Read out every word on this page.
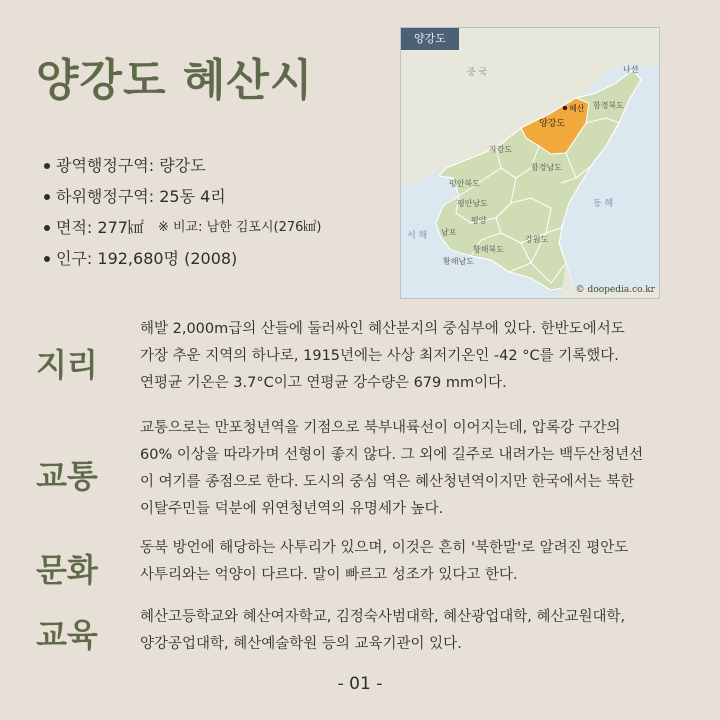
양강도 혜산시
광역행정구역: 량강도
하위행정구역: 25동 4리
면적: 277㎢ ※ 비교: 남한 김포시(276㎢)
인구: 192,680명 (2008)
중 국	나선
혜산
양강도
함경북도
자강도
함경남도
평안북도
평안남도
평양
남포
황해북도
황해남도
강원도
서 해
동 해
양강도
© doopedia.co.kr
지리

해발 2,000m급의 산들에 둘러싸인 혜산분지의 중심부에 있다. 한반도에서도
가장 추운 지역의 하나로, 1915년에는 사상 최저기온인 -42 °C를 기록했다.
연평균 기온은 3.7°C이고 연평균 강수량은 679 mm이다.

교통

교통으로는 만포청년역을 기점으로 북부내륙선이 이어지는데, 압록강 구간의
60% 이상을 따라가며 선형이 좋지 않다. 그 외에 길주로 내려가는 백두산청년선
이 여기를 종점으로 한다. 도시의 중심 역은 혜산청년역이지만 한국에서는 북한
이탈주민들 덕분에 위연청년역의 유명세가 높다.

문화

동북 방언에 해당하는 사투리가 있으며, 이것은 흔히 '북한말'로 알려진 평안도
사투리와는 억양이 다르다. 말이 빠르고 성조가 있다고 한다.

교육	혜산고등학교와 혜산여자학교, 김정숙사범대학, 혜산광업대학, 혜산교원대학,
양강공업대학, 혜산예술학원 등의 교육기관이 있다.

- 01 -
